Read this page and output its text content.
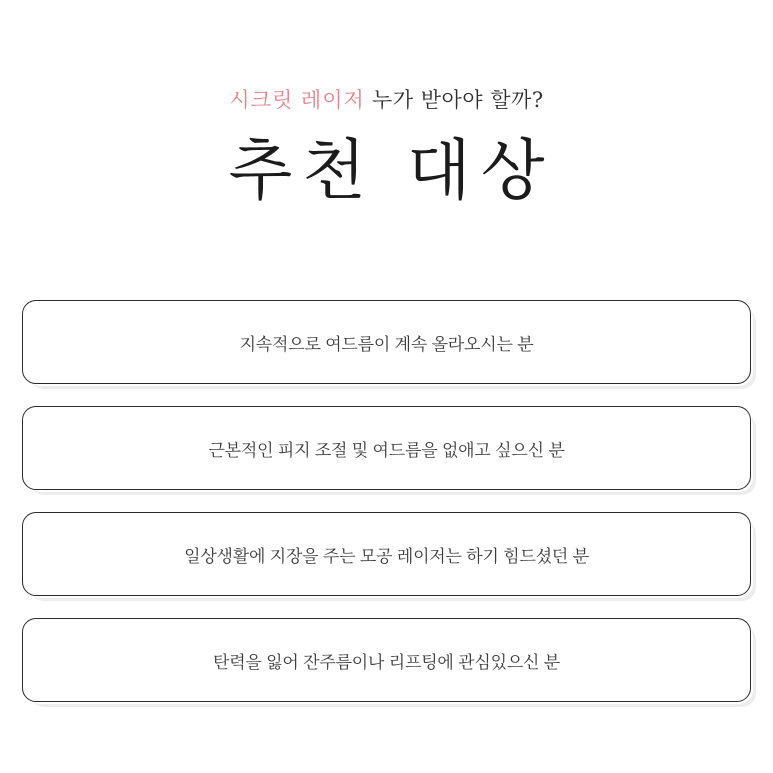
시크릿 레이저 누가 받아야 할까?
추천 대상
지속적으로 여드름이 계속 올라오시는 분
근본적인 피지 조절 및 여드름을 없애고 싶으신 분
일상생활에 지장을 주는 모공 레이저는 하기 힘드셨던 분
탄력을 잃어 잔주름이나 리프팅에 관심있으신 분
